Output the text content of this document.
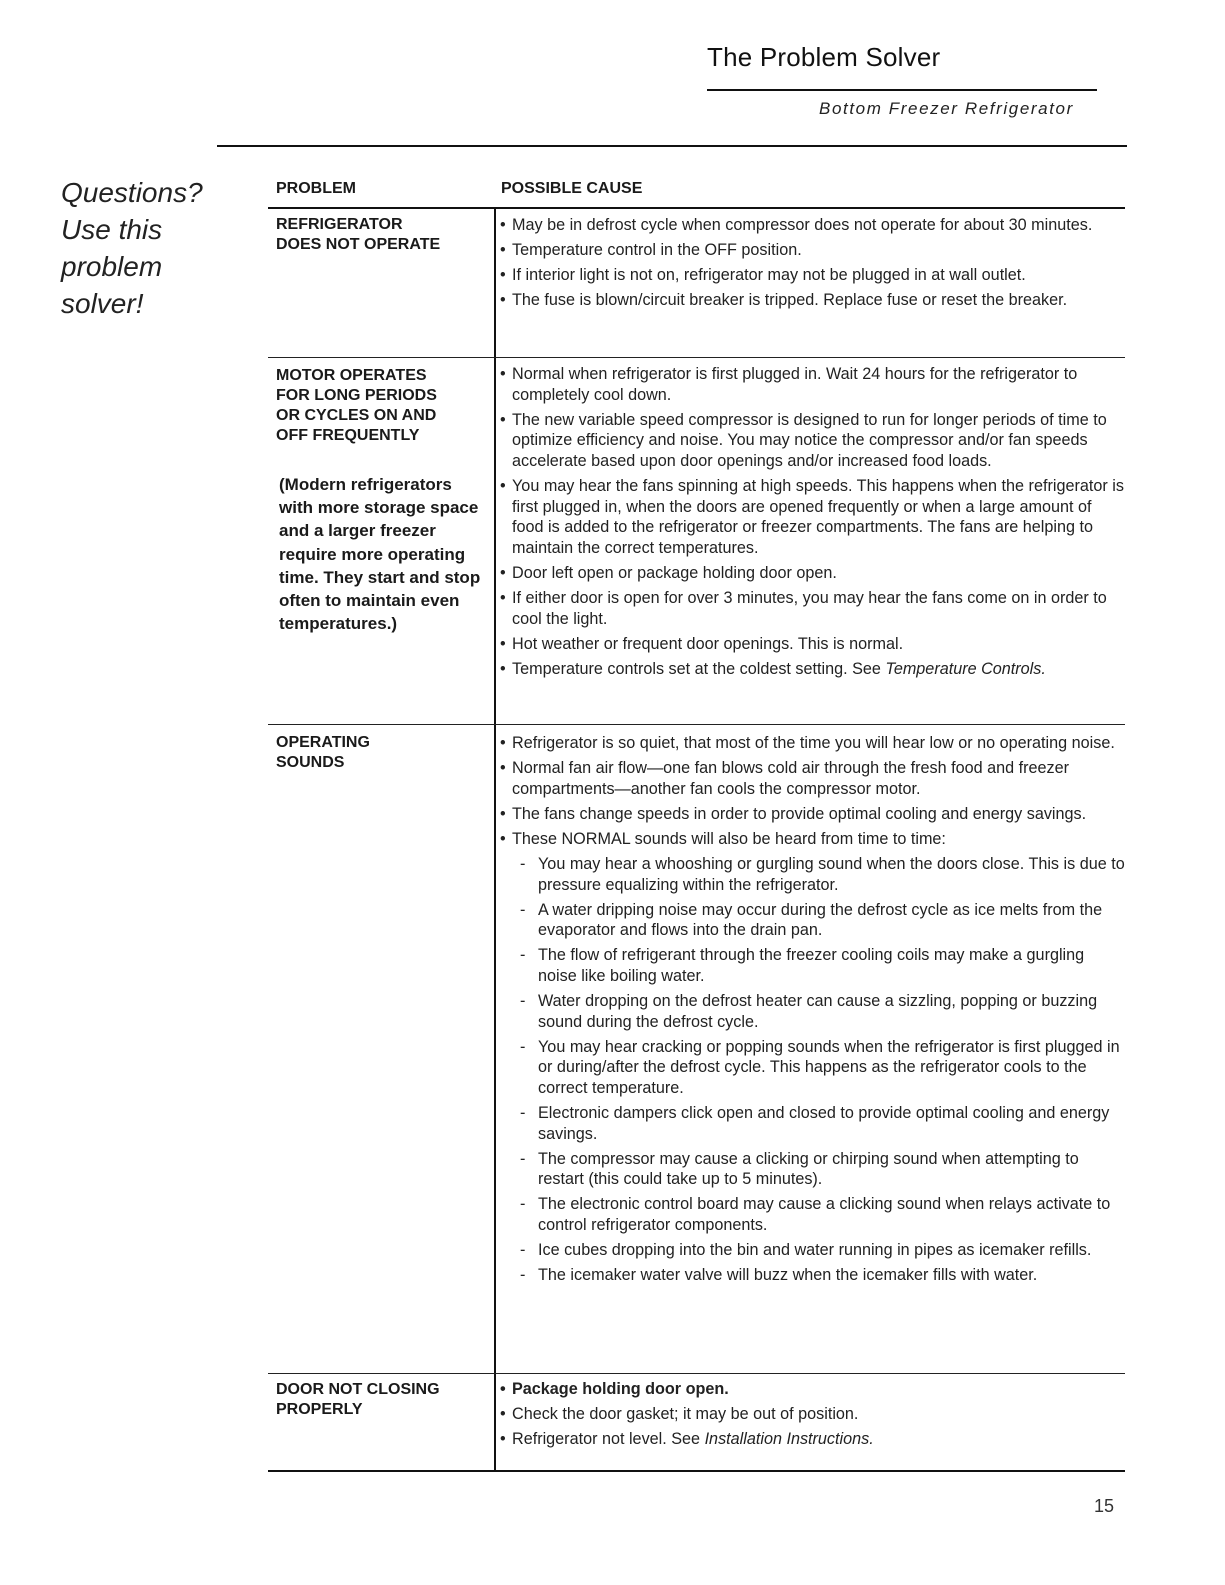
The Problem Solver
Bottom Freezer Refrigerator
Questions?
Use this
problem
solver!
PROBLEM	POSSIBLE CAUSE
REFRIGERATOR
DOES NOT OPERATE
• May be in defrost cycle when compressor does not operate for about 30 minutes.
• Temperature control in the OFF position.
• If interior light is not on, refrigerator may not be plugged in at wall outlet.
• The fuse is blown/circuit breaker is tripped. Replace fuse or reset the breaker.
MOTOR OPERATES
FOR LONG PERIODS
OR CYCLES ON AND
OFF FREQUENTLY
(Modern refrigerators with more storage space and a larger freezer require more operating time. They start and stop often to maintain even temperatures.)
• Normal when refrigerator is first plugged in. Wait 24 hours for the refrigerator to completely cool down.
• The new variable speed compressor is designed to run for longer periods of time to optimize efficiency and noise. You may notice the compressor and/or fan speeds accelerate based upon door openings and/or increased food loads.
• You may hear the fans spinning at high speeds. This happens when the refrigerator is first plugged in, when the doors are opened frequently or when a large amount of food is added to the refrigerator or freezer compartments. The fans are helping to maintain the correct temperatures.
• Door left open or package holding door open.
• If either door is open for over 3 minutes, you may hear the fans come on in order to cool the light.
• Hot weather or frequent door openings. This is normal.
• Temperature controls set at the coldest setting. See Temperature Controls.
OPERATING
SOUNDS
• Refrigerator is so quiet, that most of the time you will hear low or no operating noise.
• Normal fan air flow—one fan blows cold air through the fresh food and freezer compartments—another fan cools the compressor motor.
• The fans change speeds in order to provide optimal cooling and energy savings.
• These NORMAL sounds will also be heard from time to time:
- You may hear a whooshing or gurgling sound when the doors close. This is due to pressure equalizing within the refrigerator.
- A water dripping noise may occur during the defrost cycle as ice melts from the evaporator and flows into the drain pan.
- The flow of refrigerant through the freezer cooling coils may make a gurgling noise like boiling water.
- Water dropping on the defrost heater can cause a sizzling, popping or buzzing sound during the defrost cycle.
- You may hear cracking or popping sounds when the refrigerator is first plugged in or during/after the defrost cycle. This happens as the refrigerator cools to the correct temperature.
- Electronic dampers click open and closed to provide optimal cooling and energy savings.
- The compressor may cause a clicking or chirping sound when attempting to restart (this could take up to 5 minutes).
- The electronic control board may cause a clicking sound when relays activate to control refrigerator components.
- Ice cubes dropping into the bin and water running in pipes as icemaker refills.
- The icemaker water valve will buzz when the icemaker fills with water.
DOOR NOT CLOSING
PROPERLY
• Package holding door open.
• Check the door gasket; it may be out of position.
• Refrigerator not level. See Installation Instructions.
15
